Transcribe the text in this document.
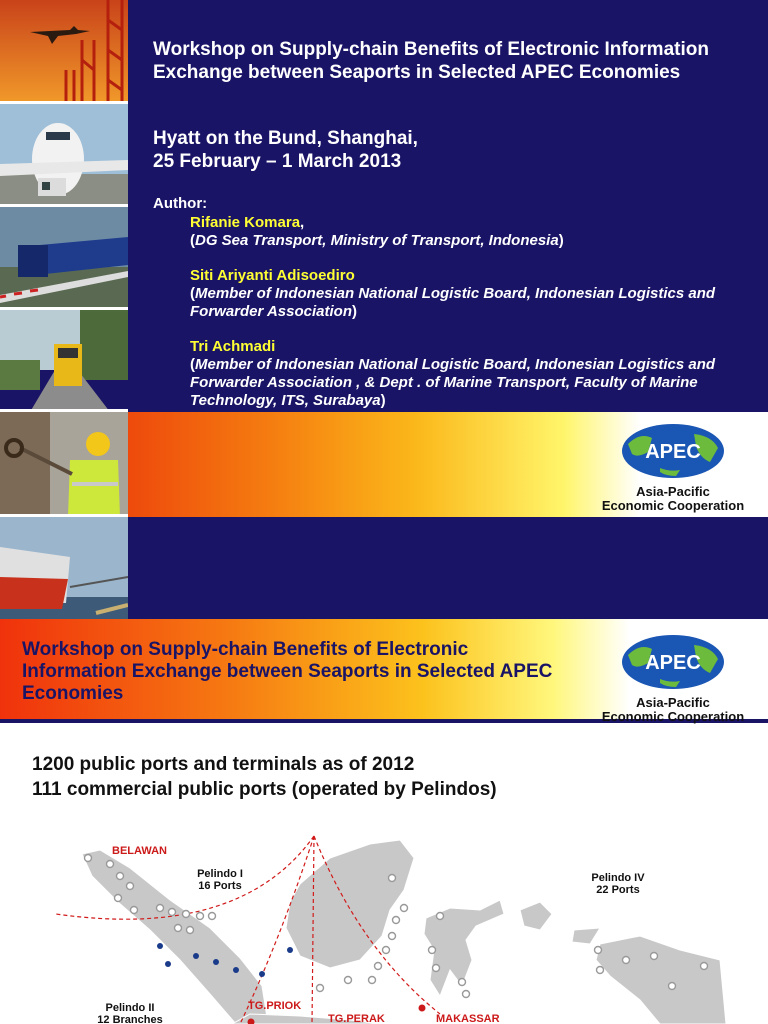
Workshop on Supply-chain Benefits of Electronic Information Exchange between Seaports in Selected APEC Economies
Hyatt on the Bund, Shanghai,
25 February – 1 March 2013
Author:
Rifanie Komara,
(DG Sea Transport, Ministry of Transport, Indonesia)
Siti Ariyanti Adisoediro
(Member of Indonesian National Logistic Board, Indonesian Logistics and Forwarder Association)
Tri Achmadi
(Member of Indonesian National Logistic Board, Indonesian Logistics and Forwarder Association , & Dept . of Marine Transport, Faculty of Marine Technology, ITS, Surabaya)
APEC
Asia-Pacific
Economic Cooperation
Workshop on Supply-chain Benefits of Electronic Information Exchange between Seaports in Selected APEC Economies
APEC
Asia-Pacific
Economic Cooperation
1200 public ports and terminals as of 2012
111 commercial public ports (operated by Pelindos)
BELAWAN
Pelindo I
16 Ports
Pelindo IV
22 Ports
Pelindo II
12 Branches
TG.PRIOK
TG.PERAK	MAKASSAR
